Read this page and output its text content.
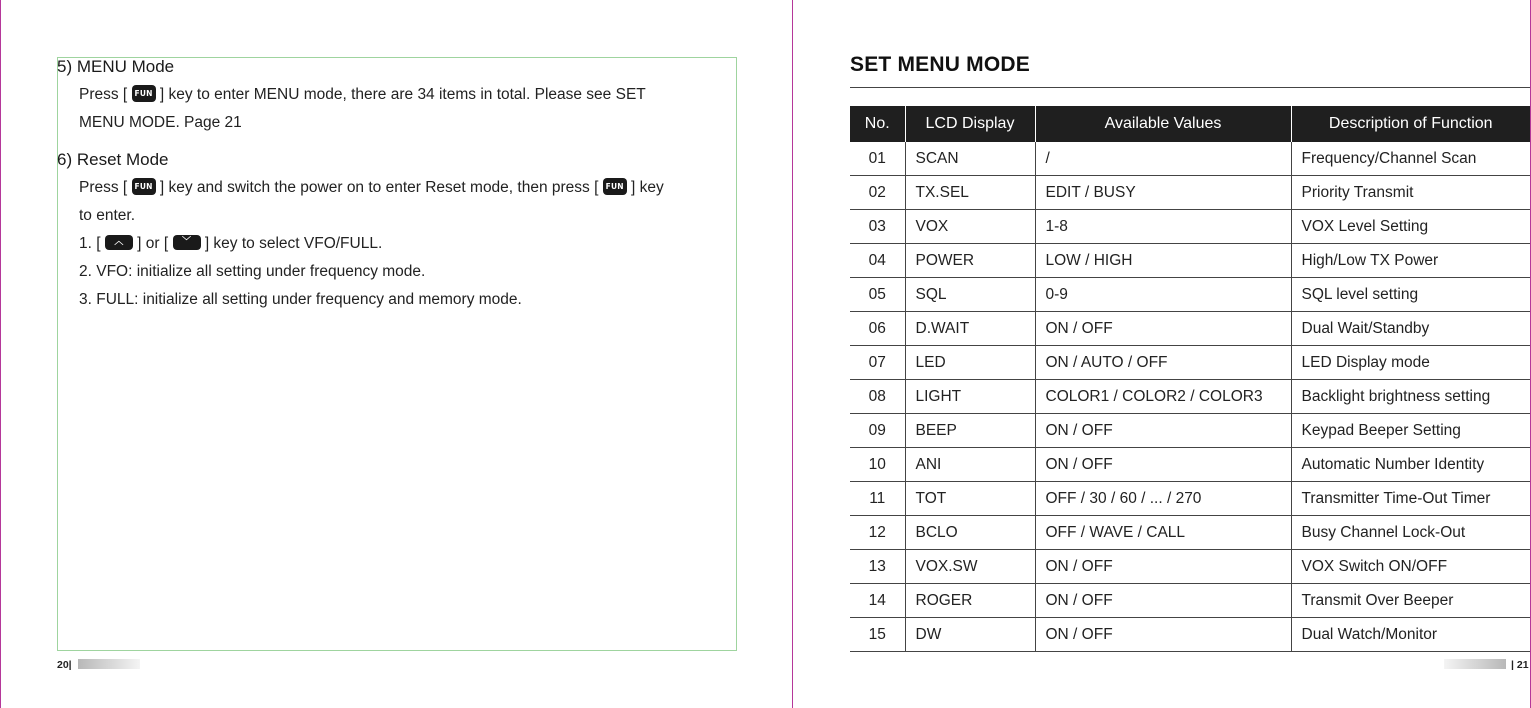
5) MENU Mode
Press [ FUN ] key to enter MENU mode, there are 34 items in total. Please see SET
MENU MODE. Page 21
6) Reset Mode
Press [ FUN ] key and switch the power on to enter Reset mode, then press [ FUN ] key
to enter.
1. [ ︿ ] or [ ﹀ ] key to select VFO/FULL.
2. VFO: initialize all setting under frequency mode.
3. FULL: initialize all setting under frequency and memory mode.
20|
SET MENU MODE
No.	LCD Display	Available Values	Description of Function
01	SCAN	/	Frequency/Channel Scan
02	TX.SEL	EDIT / BUSY	Priority Transmit
03	VOX	1-8	VOX Level Setting
04	POWER	LOW / HIGH	High/Low TX Power
05	SQL	0-9	SQL level setting
06	D.WAIT	ON / OFF	Dual Wait/Standby
07	LED	ON / AUTO / OFF	LED Display mode
08	LIGHT	COLOR1 / COLOR2 / COLOR3	Backlight brightness setting
09	BEEP	ON / OFF	Keypad Beeper Setting
10	ANI	ON / OFF	Automatic Number Identity
11	TOT	OFF / 30 / 60 / ... / 270	Transmitter Time-Out Timer
12	BCLO	OFF / WAVE / CALL	Busy Channel Lock-Out
13	VOX.SW	ON / OFF	VOX Switch ON/OFF
14	ROGER	ON / OFF	Transmit Over Beeper
15	DW	ON / OFF	Dual Watch/Monitor
| 21
